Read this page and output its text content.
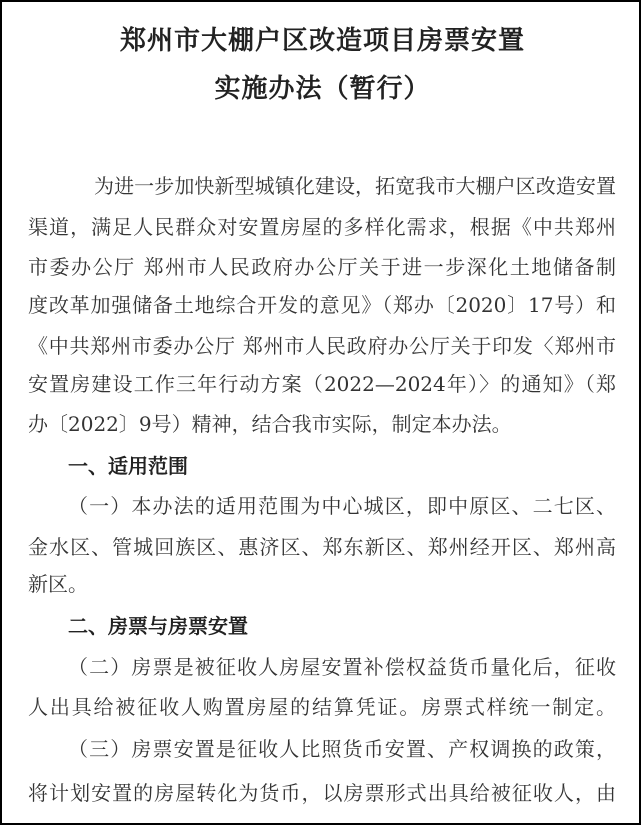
郑州市大棚户区改造项目房票安置
实施办法（暂行）
为进一步加快新型城镇化建设，拓宽我市大棚户区改造安置
渠道，满足人民群众对安置房屋的多样化需求，根据《中共郑州
市委办公厅 郑州市人民政府办公厅关于进一步深化土地储备制
度改革加强储备土地综合开发的意见》（郑办〔2020〕17号）和
《中共郑州市委办公厅 郑州市人民政府办公厅关于印发〈郑州市
安置房建设工作三年行动方案（2022—2024年）〉的通知》（郑
办〔2022〕9号）精神，结合我市实际，制定本办法。
一、适用范围
（一）本办法的适用范围为中心城区，即中原区、二七区、
金水区、管城回族区、惠济区、郑东新区、郑州经开区、郑州高
新区。
二、房票与房票安置
（二）房票是被征收人房屋安置补偿权益货币量化后，征收
人出具给被征收人购置房屋的结算凭证。房票式样统一制定。
（三）房票安置是征收人比照货币安置、产权调换的政策，
将计划安置的房屋转化为货币，以房票形式出具给被征收人，由
